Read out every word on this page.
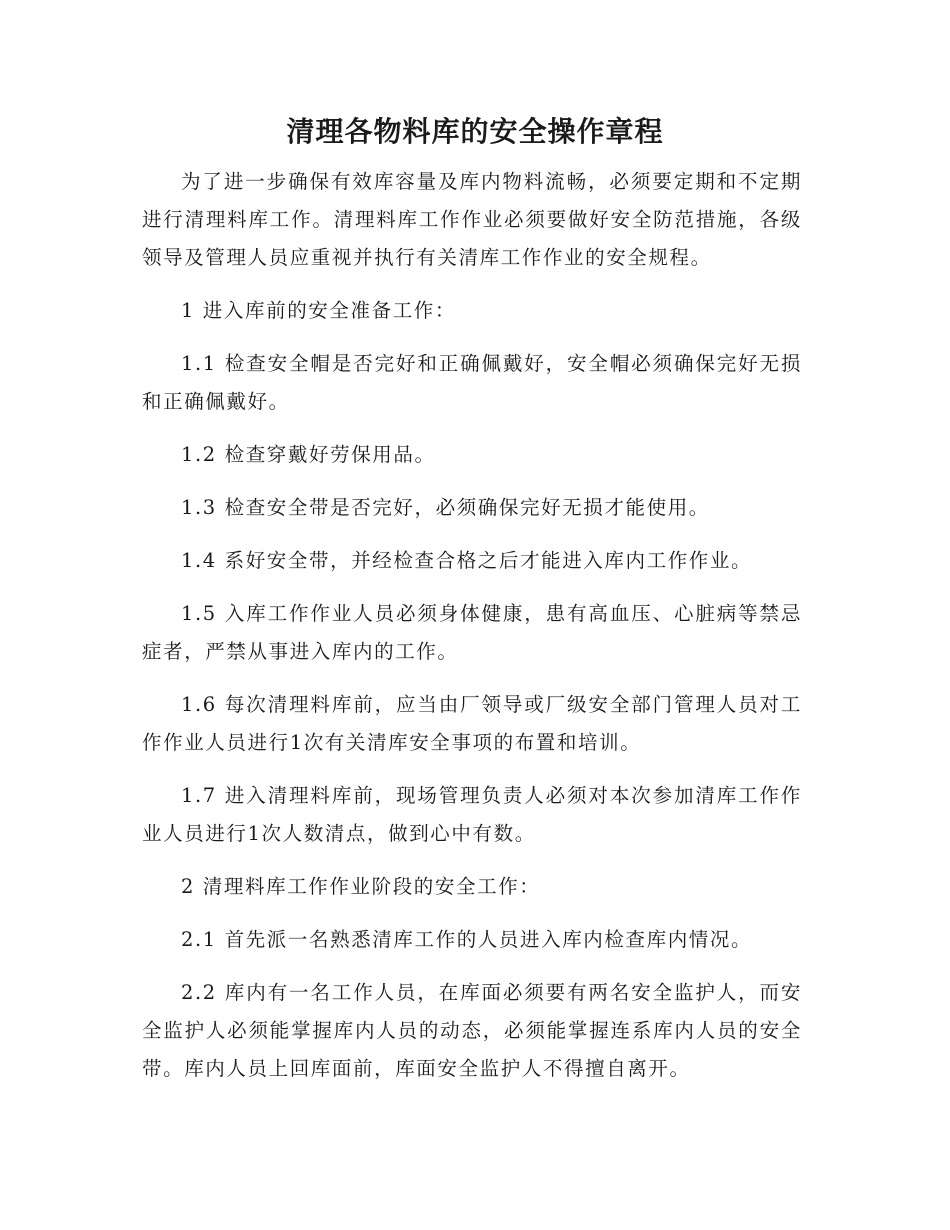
清理各物料库的安全操作章程

为了进一步确保有效库容量及库内物料流畅，必须要定期和不定期进行清理料库工作。清理料库工作作业必须要做好安全防范措施，各级领导及管理人员应重视并执行有关清库工作作业的安全规程。

1 进入库前的安全准备工作：

1.1 检查安全帽是否完好和正确佩戴好，安全帽必须确保完好无损和正确佩戴好。

1.2 检查穿戴好劳保用品。

1.3 检查安全带是否完好，必须确保完好无损才能使用。

1.4 系好安全带，并经检查合格之后才能进入库内工作作业。

1.5 入库工作作业人员必须身体健康，患有高血压、心脏病等禁忌症者，严禁从事进入库内的工作。

1.6 每次清理料库前，应当由厂领导或厂级安全部门管理人员对工作作业人员进行1次有关清库安全事项的布置和培训。

1.7 进入清理料库前，现场管理负责人必须对本次参加清库工作作业人员进行1次人数清点，做到心中有数。

2 清理料库工作作业阶段的安全工作：

2.1 首先派一名熟悉清库工作的人员进入库内检查库内情况。

2.2 库内有一名工作人员，在库面必须要有两名安全监护人，而安全监护人必须能掌握库内人员的动态，必须能掌握连系库内人员的安全带。库内人员上回库面前，库面安全监护人不得擅自离开。
